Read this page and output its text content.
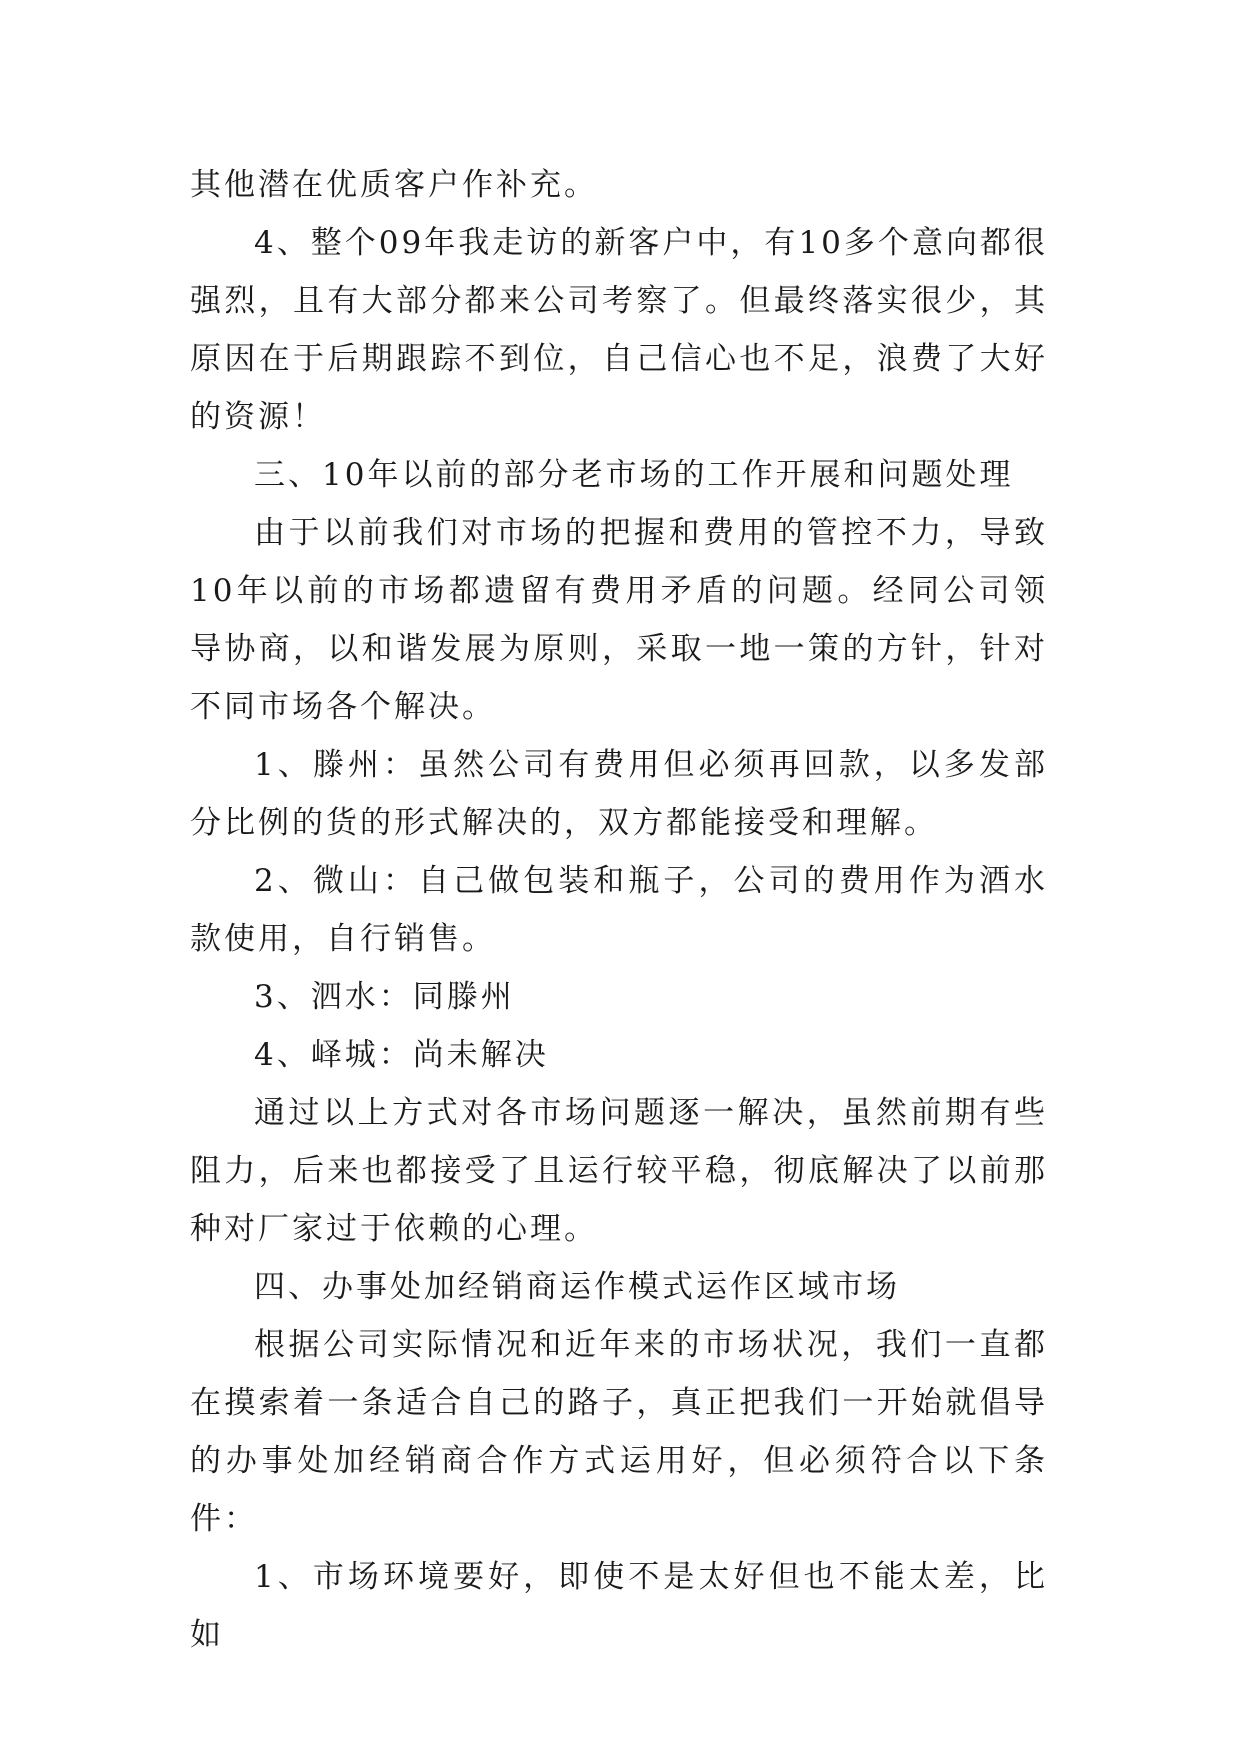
其他潜在优质客户作补充。

4、整个09年我走访的新客户中，有10多个意向都很强烈，且有大部分都来公司考察了。但最终落实很少，其原因在于后期跟踪不到位，自己信心也不足，浪费了大好的资源！

三、10年以前的部分老市场的工作开展和问题处理

由于以前我们对市场的把握和费用的管控不力，导致10年以前的市场都遗留有费用矛盾的问题。经同公司领导协商，以和谐发展为原则，采取一地一策的方针，针对不同市场各个解决。

1、滕州：虽然公司有费用但必须再回款，以多发部分比例的货的形式解决的，双方都能接受和理解。

2、微山：自己做包装和瓶子，公司的费用作为酒水款使用，自行销售。

3、泗水：同滕州

4、峄城：尚未解决

通过以上方式对各市场问题逐一解决，虽然前期有些阻力，后来也都接受了且运行较平稳，彻底解决了以前那种对厂家过于依赖的心理。

四、办事处加经销商运作模式运作区域市场

根据公司实际情况和近年来的市场状况，我们一直都在摸索着一条适合自己的路子，真正把我们一开始就倡导的办事处加经销商合作方式运用好，但必须符合以下条件：

1、市场环境要好，即使不是太好但也不能太差，比如
